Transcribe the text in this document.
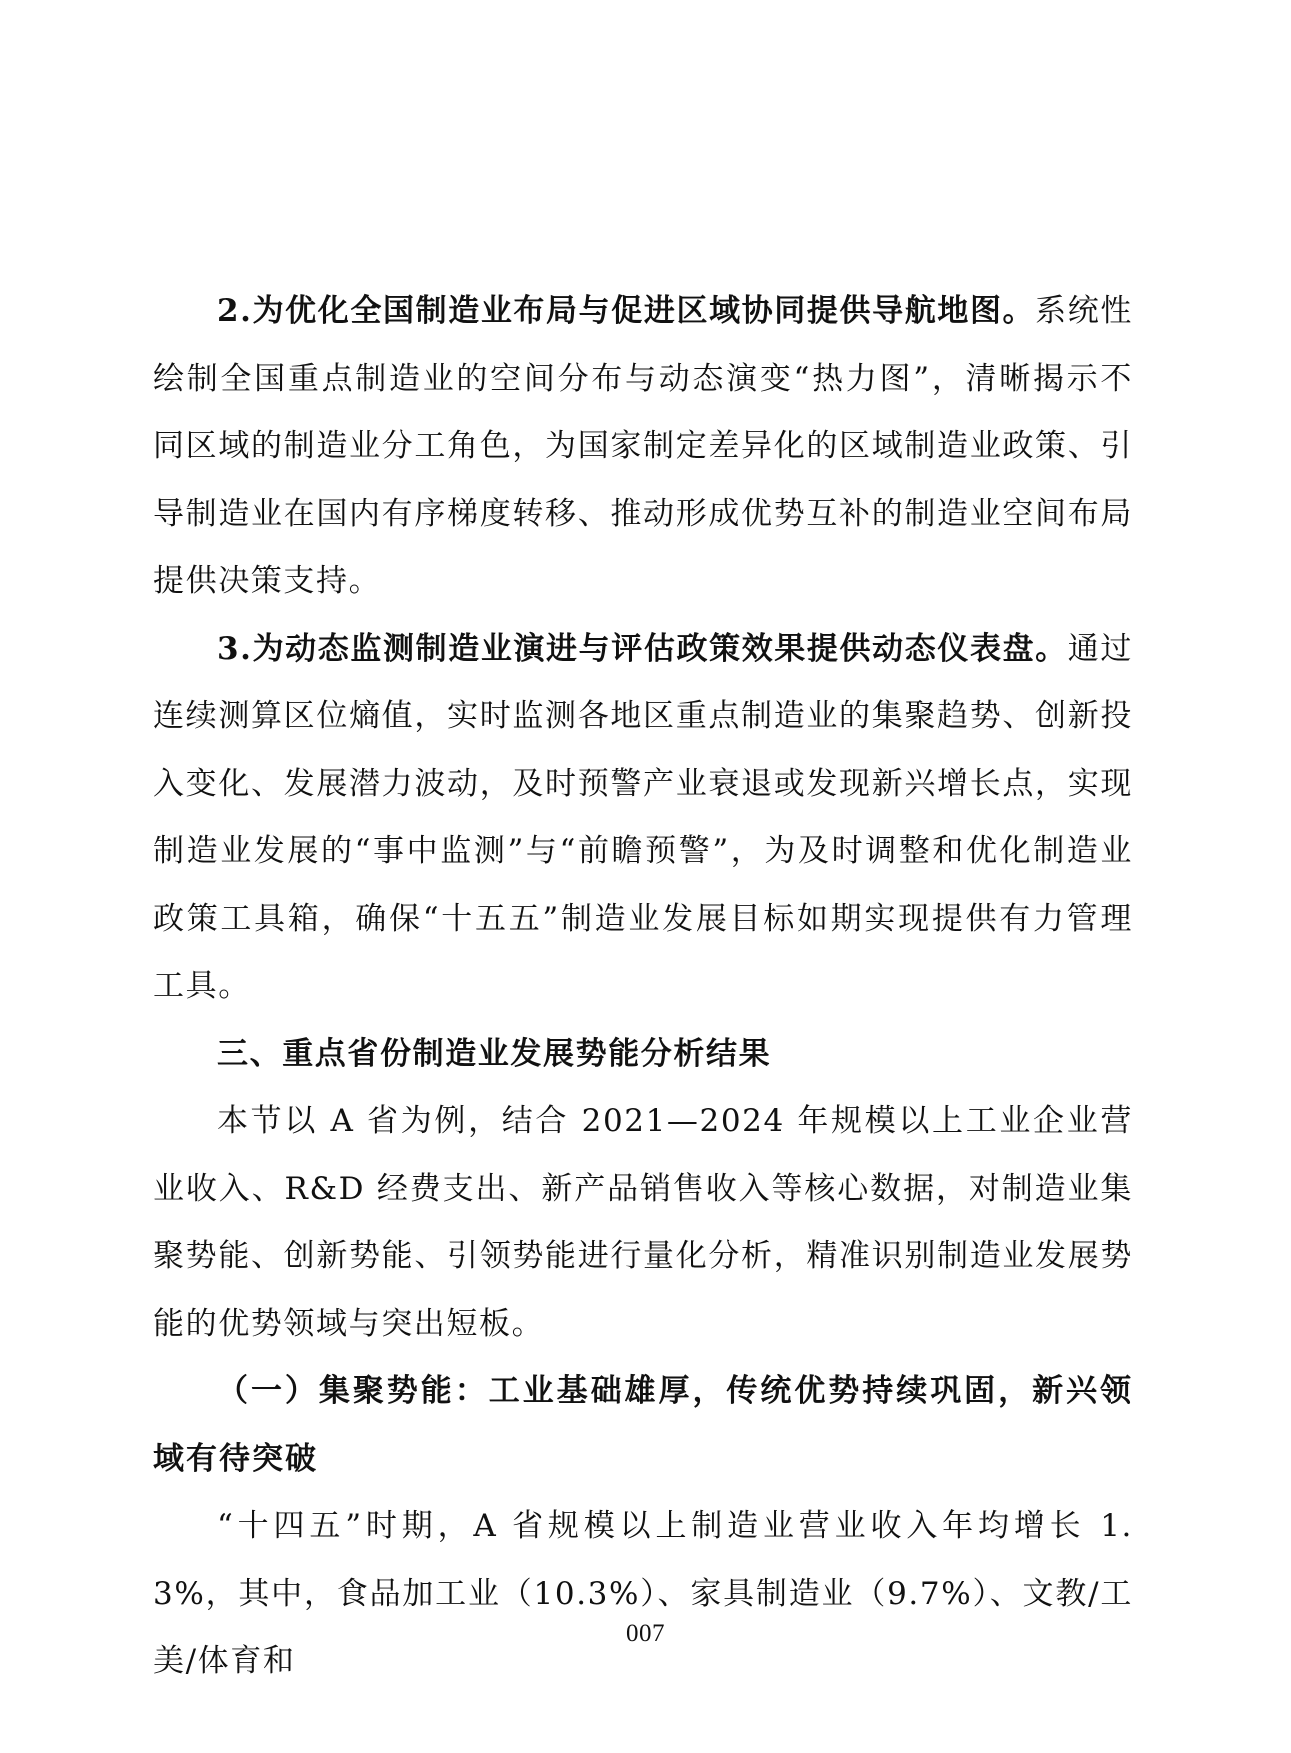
2.为优化全国制造业布局与促进区域协同提供导航地图。系统性绘制全国重点制造业的空间分布与动态演变“热力图”，清晰揭示不同区域的制造业分工角色，为国家制定差异化的区域制造业政策、引导制造业在国内有序梯度转移、推动形成优势互补的制造业空间布局提供决策支持。

3.为动态监测制造业演进与评估政策效果提供动态仪表盘。通过连续测算区位熵值，实时监测各地区重点制造业的集聚趋势、创新投入变化、发展潜力波动，及时预警产业衰退或发现新兴增长点，实现制造业发展的“事中监测”与“前瞻预警”，为及时调整和优化制造业政策工具箱，确保“十五五”制造业发展目标如期实现提供有力管理工具。

三、重点省份制造业发展势能分析结果

本节以 A 省为例，结合 2021—2024 年规模以上工业企业营业收入、R&D 经费支出、新产品销售收入等核心数据，对制造业集聚势能、创新势能、引领势能进行量化分析，精准识别制造业发展势能的优势领域与突出短板。

（一）集聚势能：工业基础雄厚，传统优势持续巩固，新兴领域有待突破

“十四五”时期，A 省规模以上制造业营业收入年均增长 1.3%，其中，食品加工业（10.3%）、家具制造业（9.7%）、文教/工美/体育和

007
